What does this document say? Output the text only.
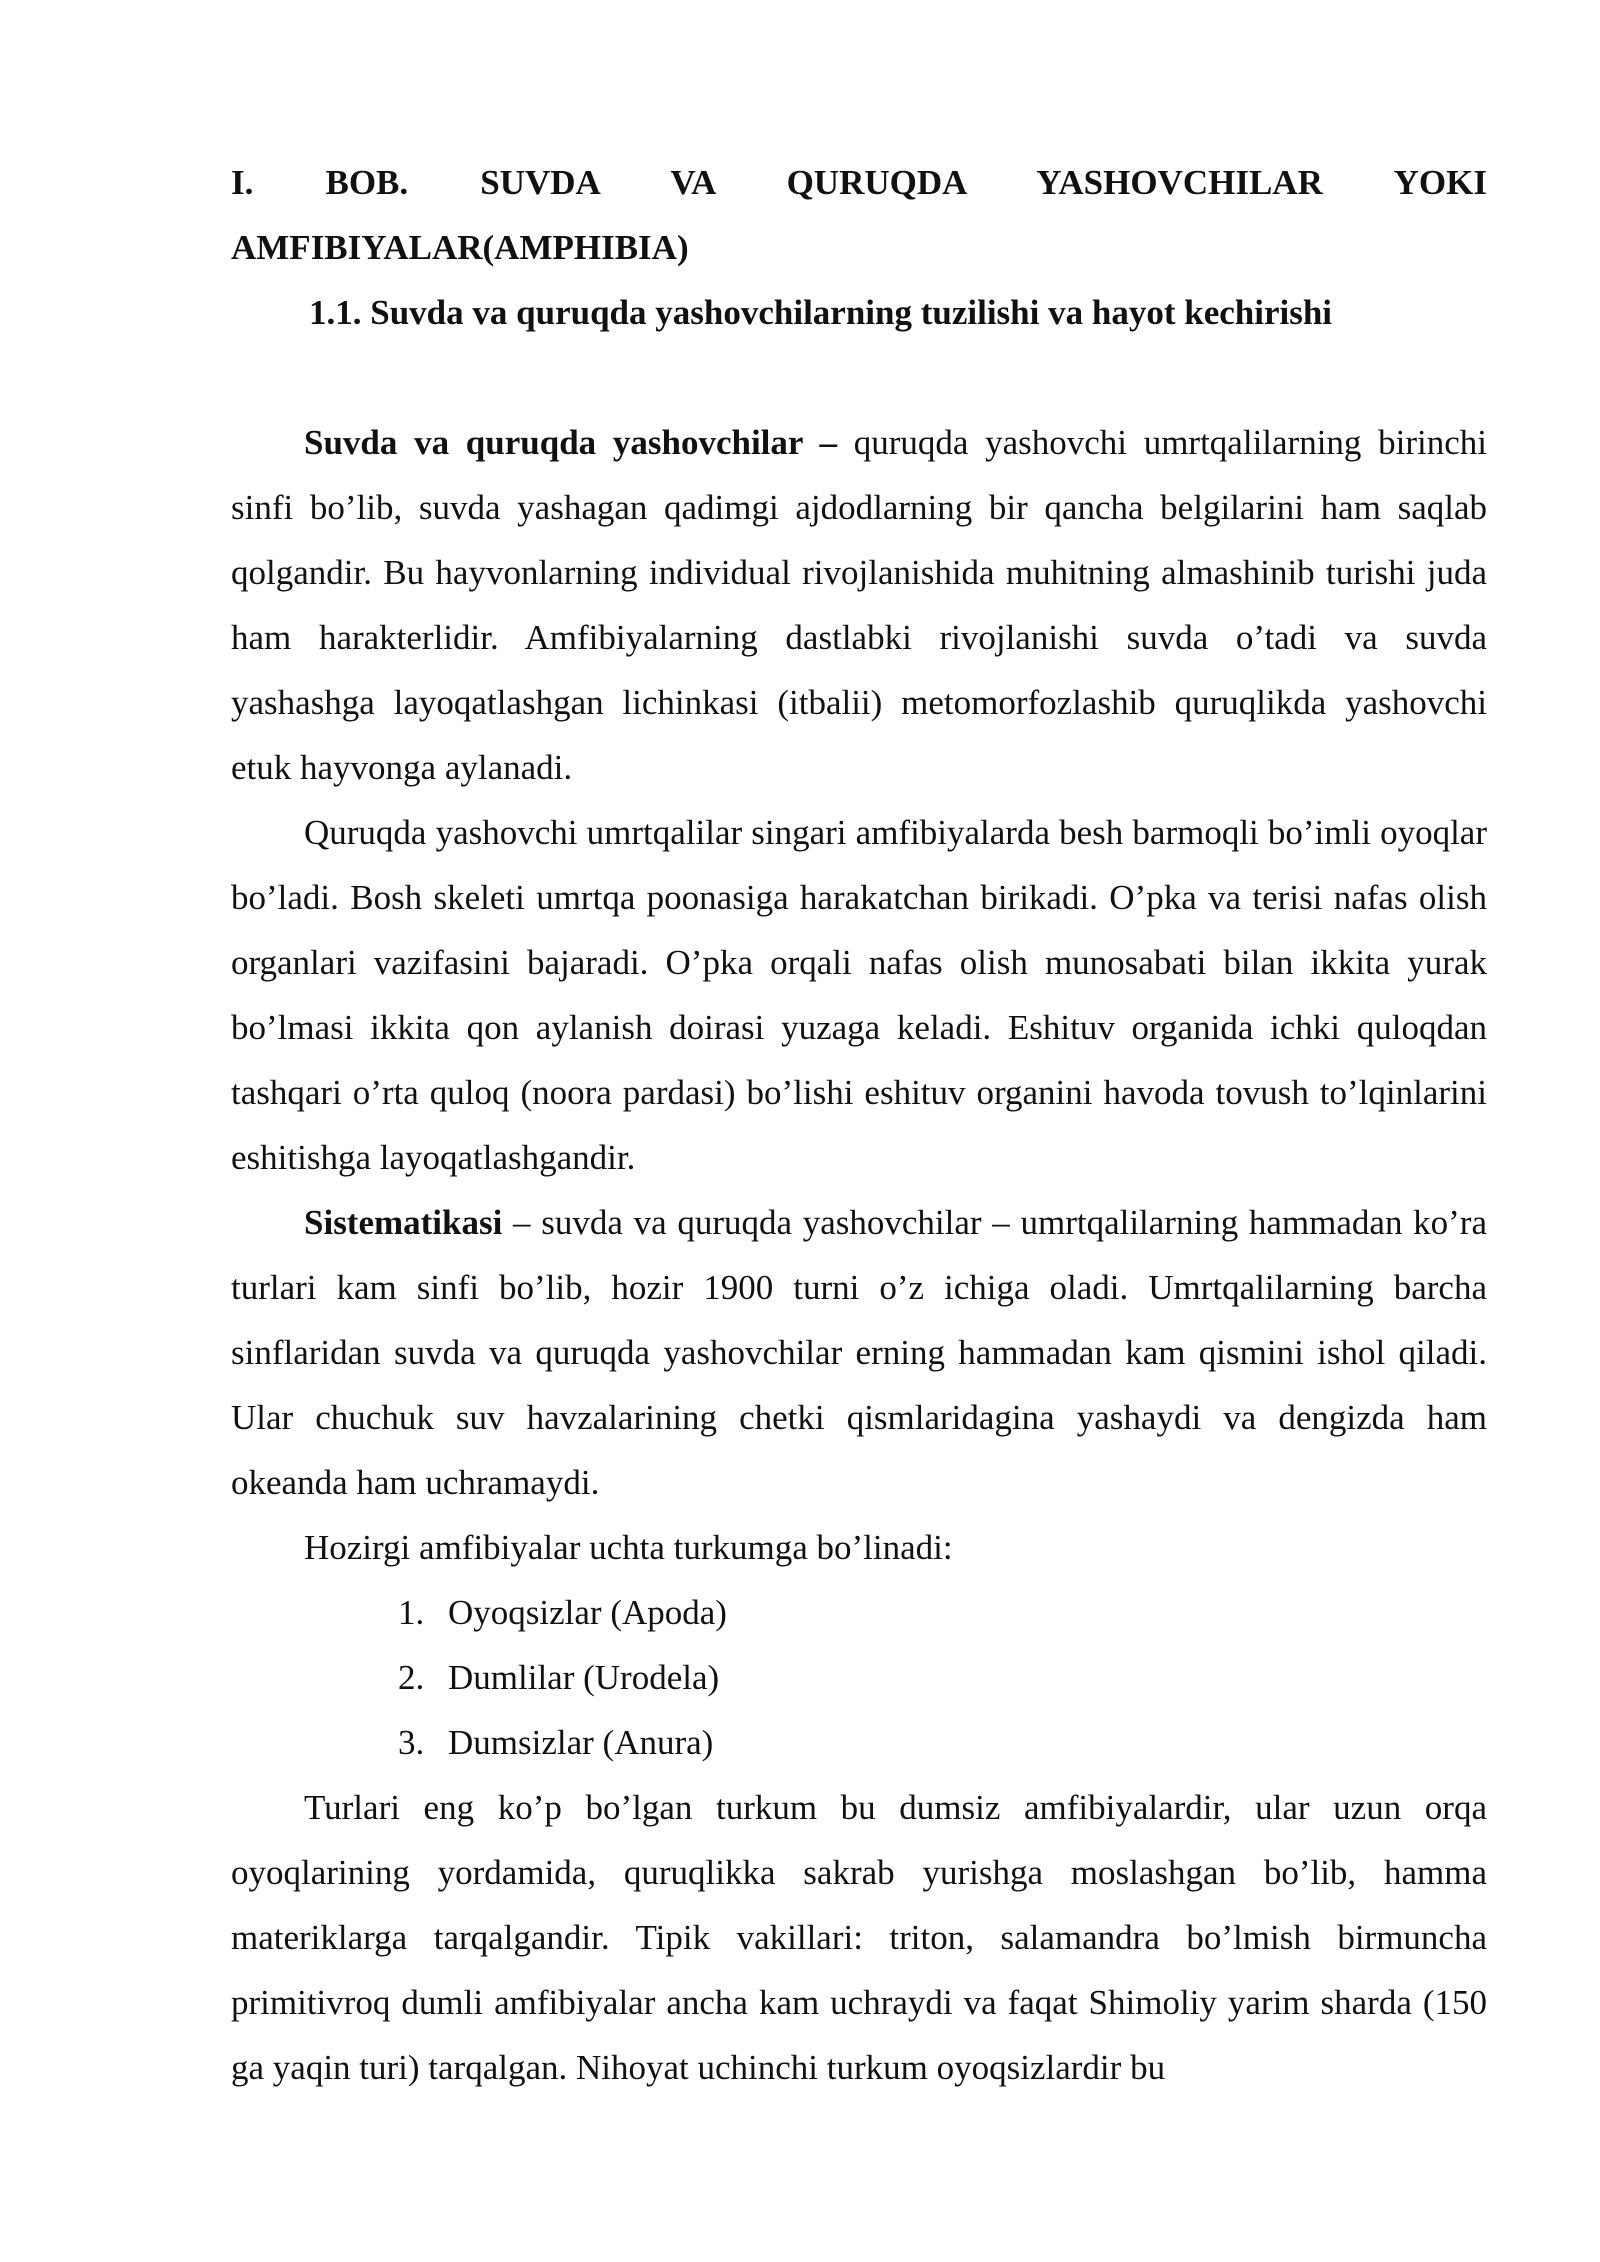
I. BOB. SUVDA VA QURUQDA YASHOVCHILAR YOKI
AMFIBIYALAR(AMPHIBIA)
1.1. Suvda va quruqda yashovchilarning tuzilishi va hayot kechirishi

Suvda va quruqda yashovchilar – quruqda yashovchi umrtqalilarning birinchi sinfi bo’lib, suvda yashagan qadimgi ajdodlarning bir qancha belgilarini ham saqlab qolgandir. Bu hayvonlarning individual rivojlanishida muhitning almashinib turishi juda ham harakterlidir. Amfibiyalarning dastlabki rivojlanishi suvda o’tadi va suvda yashashga layoqatlashgan lichinkasi (itbalii) metomorfozlashib quruqlikda yashovchi etuk hayvonga aylanadi.

Quruqda yashovchi umrtqalilar singari amfibiyalarda besh barmoqli bo’imli oyoqlar bo’ladi. Bosh skeleti umrtqa poonasiga harakatchan birikadi. O’pka va terisi nafas olish organlari vazifasini bajaradi. O’pka orqali nafas olish munosabati bilan ikkita yurak bo’lmasi ikkita qon aylanish doirasi yuzaga keladi. Eshituv organida ichki quloqdan tashqari o’rta quloq (noora pardasi) bo’lishi eshituv organini havoda tovush to’lqinlarini eshitishga layoqatlashgandir.

Sistematikasi – suvda va quruqda yashovchilar – umrtqalilarning hammadan ko’ra turlari kam sinfi bo’lib, hozir 1900 turni o’z ichiga oladi. Umrtqalilarning barcha sinflaridan suvda va quruqda yashovchilar erning hammadan kam qismini ishol qiladi. Ular chuchuk suv havzalarining chetki qismlaridagina yashaydi va dengizda ham okeanda ham uchramaydi.

Hozirgi amfibiyalar uchta turkumga bo’linadi:

1. Oyoqsizlar (Apoda)
2. Dumlilar (Urodela)
3. Dumsizlar (Anura)

Turlari eng ko’p bo’lgan turkum bu dumsiz amfibiyalardir, ular uzun orqa oyoqlarining yordamida, quruqlikka sakrab yurishga moslashgan bo’lib, hamma materiklarga tarqalgandir. Tipik vakillari: triton, salamandra bo’lmish birmuncha primitivroq dumli amfibiyalar ancha kam uchraydi va faqat Shimoliy yarim sharda (150 ga yaqin turi) tarqalgan. Nihoyat uchinchi turkum oyoqsizlardir bu
